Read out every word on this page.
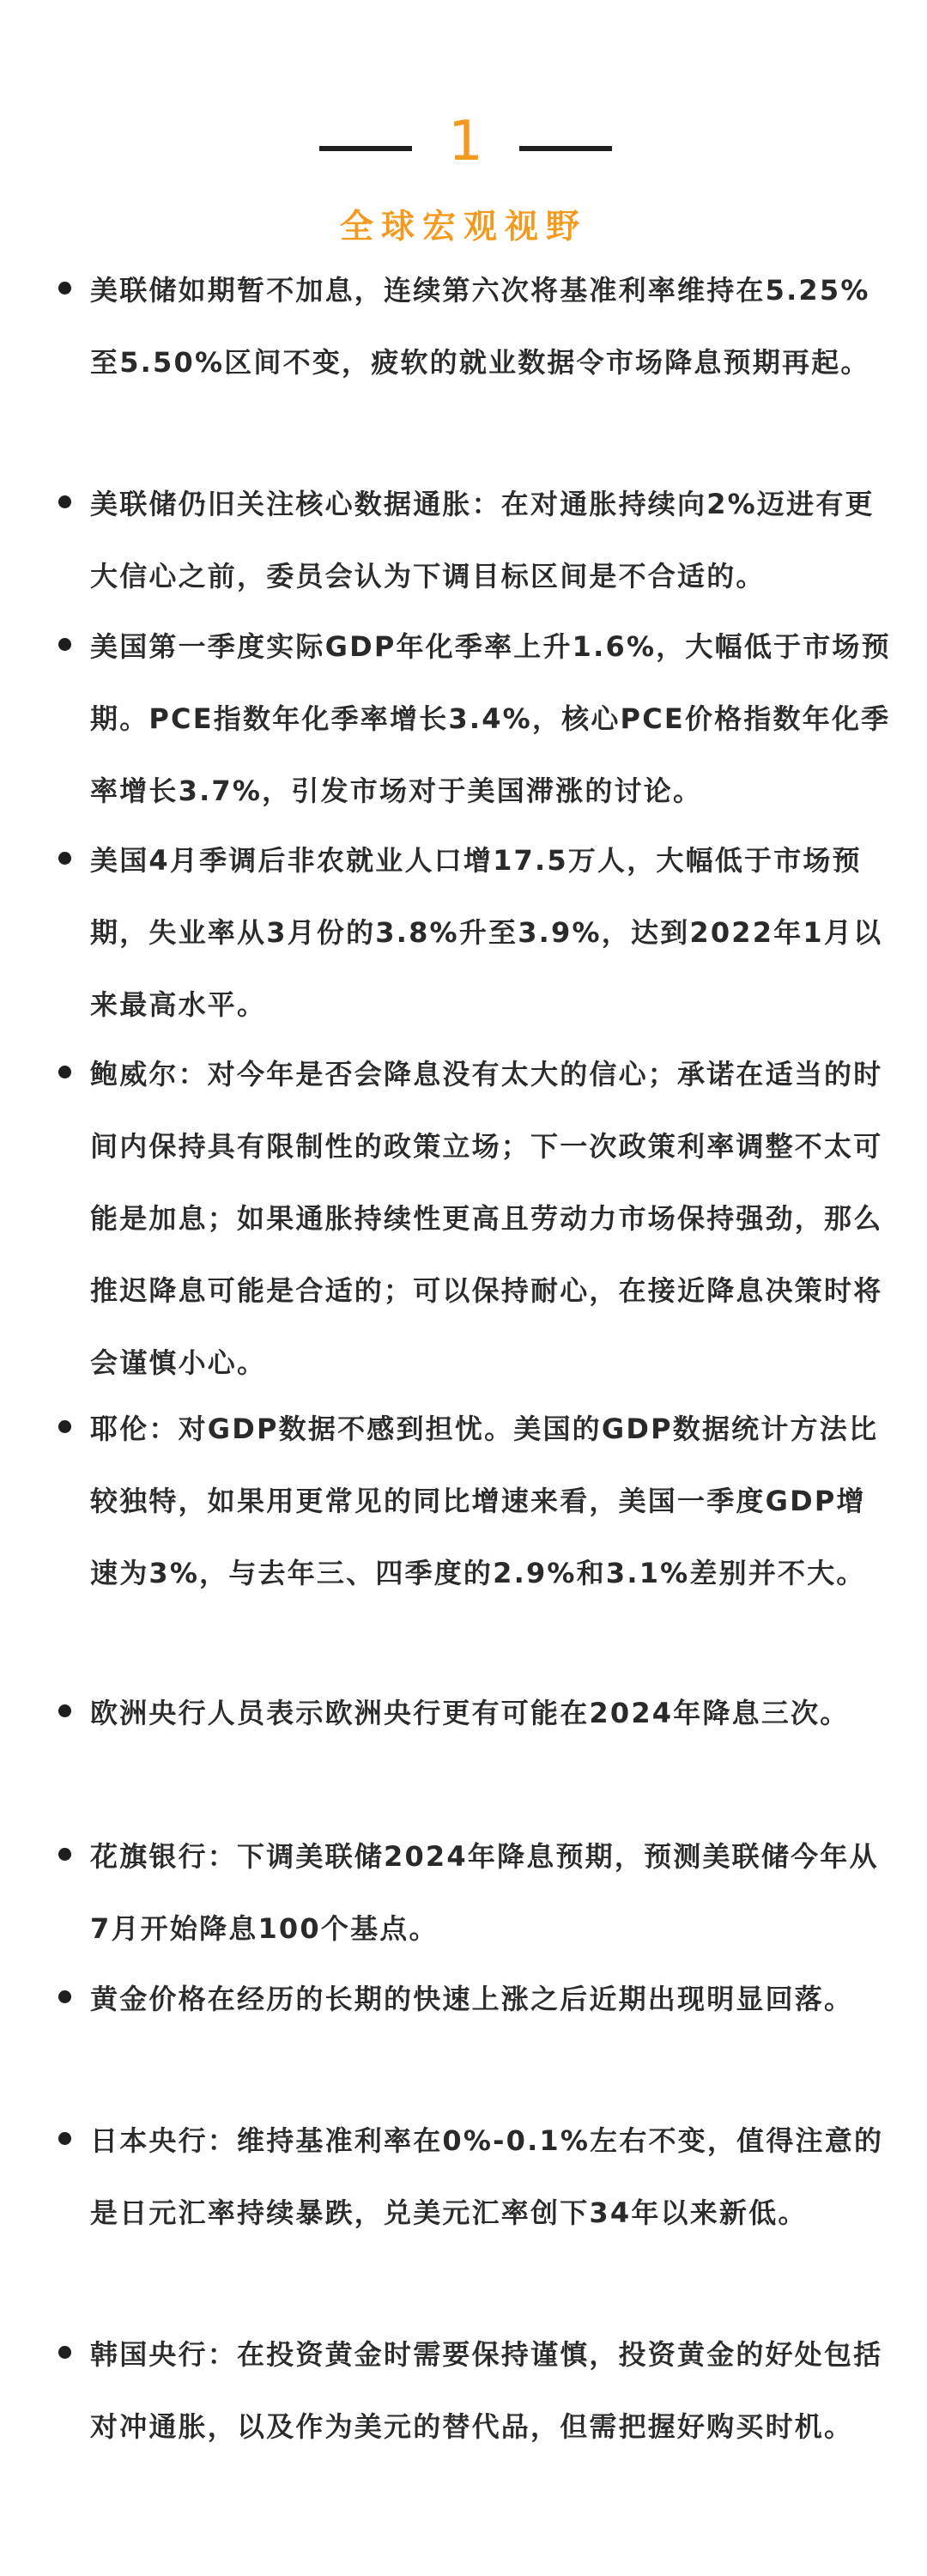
1
全球宏观视野

美联储如期暂不加息，连续第六次将基准利率维持在5.25%至5.50%区间不变，疲软的就业数据令市场降息预期再起。

美联储仍旧关注核心数据通胀：在对通胀持续向2%迈进有更大信心之前，委员会认为下调目标区间是不合适的。

美国第一季度实际GDP年化季率上升1.6%，大幅低于市场预期。PCE指数年化季率增长3.4%，核心PCE价格指数年化季率增长3.7%，引发市场对于美国滞涨的讨论。

美国4月季调后非农就业人口增17.5万人，大幅低于市场预期，失业率从3月份的3.8%升至3.9%，达到2022年1月以来最高水平。

鲍威尔：对今年是否会降息没有太大的信心；承诺在适当的时间内保持具有限制性的政策立场；下一次政策利率调整不太可能是加息；如果通胀持续性更高且劳动力市场保持强劲，那么推迟降息可能是合适的；可以保持耐心，在接近降息决策时将会谨慎小心。

耶伦：对GDP数据不感到担忧。美国的GDP数据统计方法比较独特，如果用更常见的同比增速来看，美国一季度GDP增速为3%，与去年三、四季度的2.9%和3.1%差别并不大。

欧洲央行人员表示欧洲央行更有可能在2024年降息三次。

花旗银行：下调美联储2024年降息预期，预测美联储今年从7月开始降息100个基点。

黄金价格在经历的长期的快速上涨之后近期出现明显回落。

日本央行：维持基准利率在0%-0.1%左右不变，值得注意的是日元汇率持续暴跌，兑美元汇率创下34年以来新低。

韩国央行：在投资黄金时需要保持谨慎，投资黄金的好处包括对冲通胀，以及作为美元的替代品，但需把握好购买时机。
